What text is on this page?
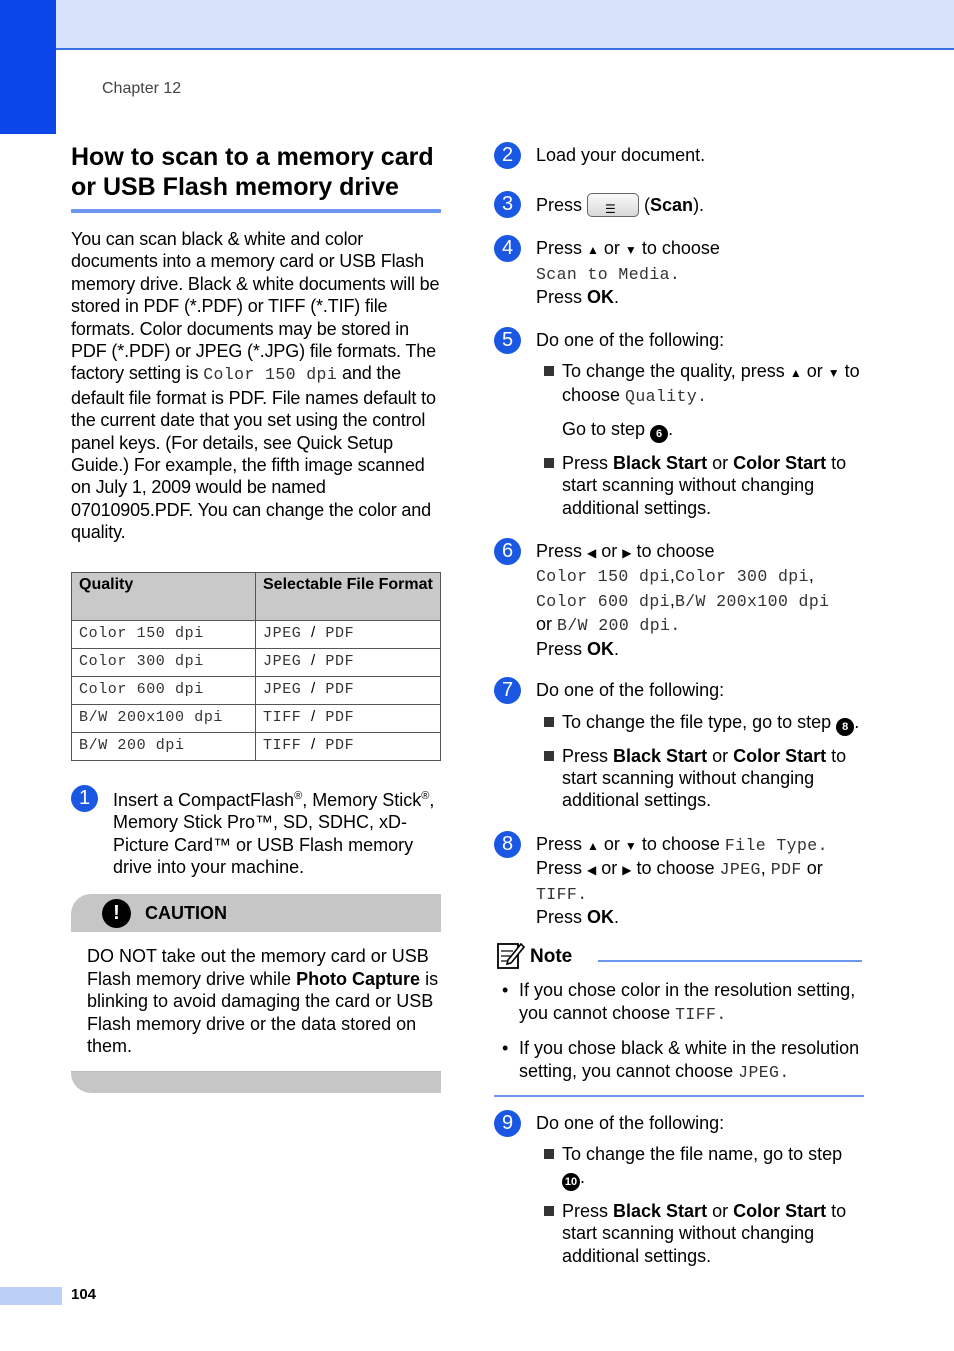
Chapter 12
How to scan to a memory card or USB Flash memory drive

You can scan black & white and color documents into a memory card or USB Flash memory drive. Black & white documents will be stored in PDF (*.PDF) or TIFF (*.TIF) file formats. Color documents may be stored in PDF (*.PDF) or JPEG (*.JPG) file formats. The factory setting is Color 150 dpi and the default file format is PDF. File names default to the current date that you set using the control panel keys. (For details, see Quick Setup Guide.) For example, the fifth image scanned on July 1, 2009 would be named 07010905.PDF. You can change the color and quality.

Quality	Selectable File Format
Color 150 dpi	JPEG / PDF
Color 300 dpi	JPEG / PDF
Color 600 dpi	JPEG / PDF
B/W 200x100 dpi	TIFF / PDF
B/W 200 dpi	TIFF / PDF
1	Insert a CompactFlash®, Memory Stick®, Memory Stick Pro™, SD, SDHC, xD-Picture Card™ or USB Flash memory drive into your machine.

!	CAUTION

DO NOT take out the memory card or USB Flash memory drive while Photo Capture is blinking to avoid damaging the card or USB Flash memory drive or the data stored on them.

2	Load your document.

3	Press ☰ (Scan).

4	Press ▲ or ▼ to choose
Scan to Media.
Press OK.

5	Do one of the following:

To change the quality, press ▲ or ▼ to choose Quality.

Go to step 6 .

Press Black Start or Color Start to start scanning without changing additional settings.
6	Press ◀ or ▶ to choose
Color 150 dpi,Color 300 dpi,
Color 600 dpi,B/W 200x100 dpi
or B/W 200 dpi.
Press OK.

7	Do one of the following:

To change the file type, go to step 8 .
Press Black Start or Color Start to start scanning without changing additional settings.
8	Press ▲ or ▼ to choose File Type.
Press ◀ or ▶ to choose JPEG, PDF or
TIFF.
Press OK.

Note
• If you chose color in the resolution setting, you cannot choose TIFF.
• If you chose black & white in the resolution setting, you cannot choose JPEG.
9	Do one of the following:

To change the file name, go to step 10 .
Press Black Start or Color Start to start scanning without changing additional settings.
104
